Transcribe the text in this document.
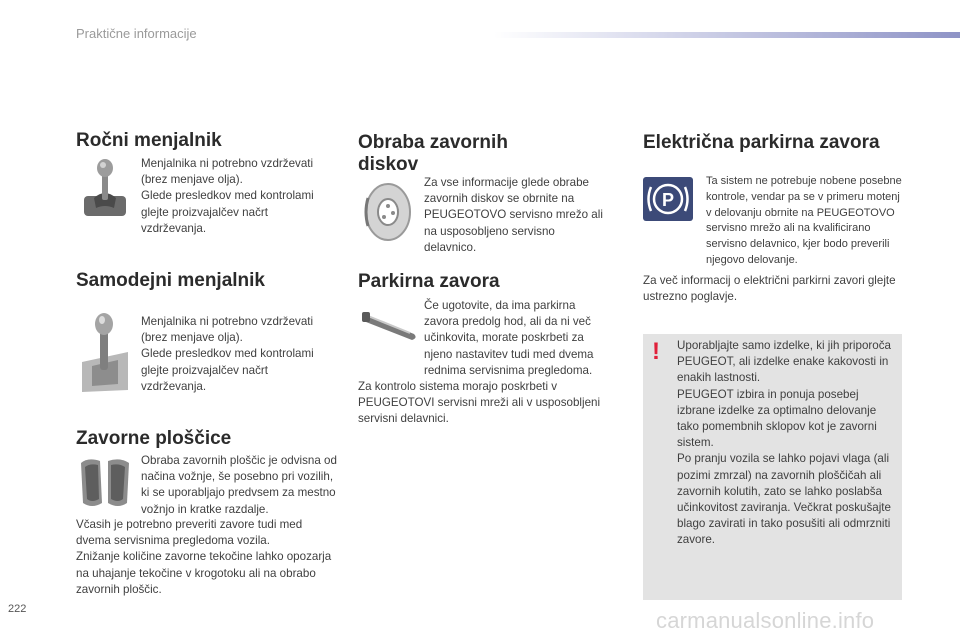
Praktične informacije
Ročni menjalnik
Menjalnika ni potrebno vzdrževati (brez menjave olja).
Glede presledkov med kontrolami glejte proizvajalčev načrt vzdrževanja.
Samodejni menjalnik
Menjalnika ni potrebno vzdrževati (brez menjave olja).
Glede presledkov med kontrolami glejte proizvajalčev načrt vzdrževanja.
Zavorne ploščice
Obraba zavornih ploščic je odvisna od načina vožnje, še posebno pri vozilih, ki se uporabljajo predvsem za mestno vožnjo in kratke razdalje.
Včasih je potrebno preveriti zavore tudi med dvema servisnima pregledoma vozila.
Znižanje količine zavorne tekočine lahko opozarja na uhajanje tekočine v krogotoku ali na obrabo zavornih ploščic.
Obraba zavornih diskov
Za vse informacije glede obrabe zavornih diskov se obrnite na PEUGEOTOVO servisno mrežo ali na usposobljeno servisno delavnico.
Parkirna zavora
Če ugotovite, da ima parkirna zavora predolg hod, ali da ni več učinkovita, morate poskrbeti za njeno nastavitev tudi med dvema rednima servisnima pregledoma.
Za kontrolo sistema morajo poskrbeti v PEUGEOTOVI servisni mreži ali v usposobljeni servisni delavnici.
Električna parkirna zavora
P
Ta sistem ne potrebuje nobene posebne kontrole, vendar pa se v primeru motenj v delovanju obrnite na PEUGEOTOVO servisno mrežo ali na kvalificirano servisno delavnico, kjer bodo preverili njegovo delovanje.
Za več informacij o električni parkirni zavori glejte ustrezno poglavje.
! Uporabljajte samo izdelke, ki jih priporoča PEUGEOT, ali izdelke enake kakovosti in enakih lastnosti.
PEUGEOT izbira in ponuja posebej izbrane izdelke za optimalno delovanje tako pomembnih sklopov kot je zavorni sistem.
Po pranju vozila se lahko pojavi vlaga (ali pozimi zmrzal) na zavornih ploščičah ali zavornih kolutih, zato se lahko poslabša učinkovitost zaviranja. Večkrat poskušajte blago zavirati in tako posušiti ali odmrzniti zavore.
222	carmanualsonline.info
